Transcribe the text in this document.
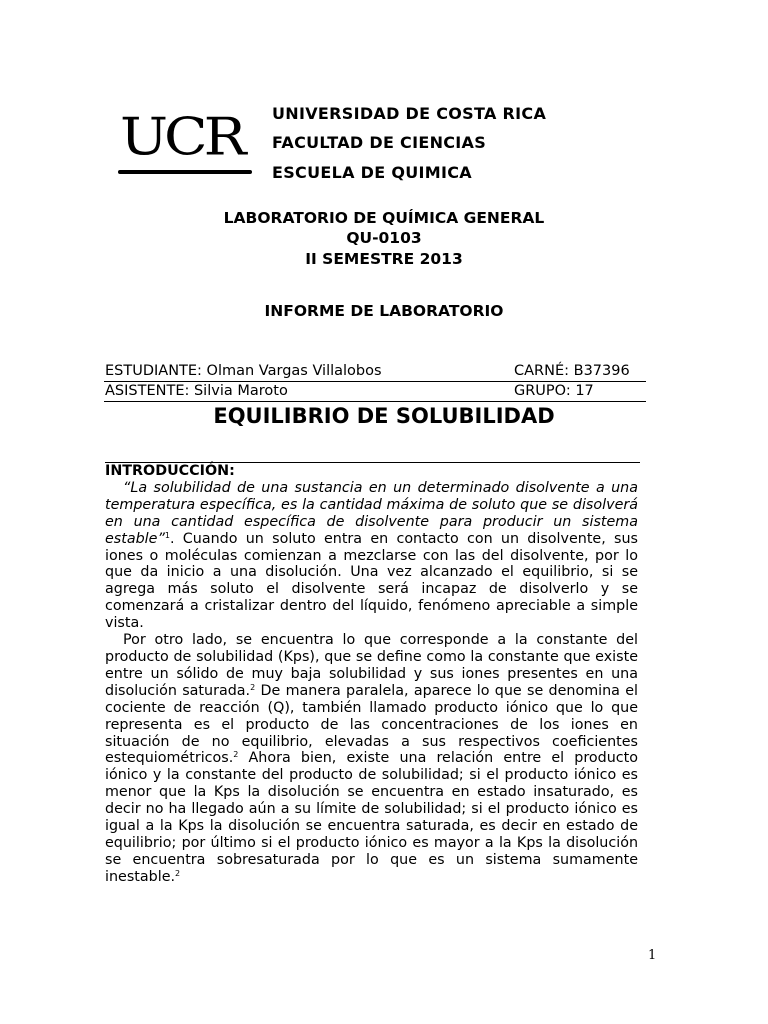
UCR UNIVERSIDAD DE COSTA RICA
FACULTAD DE CIENCIAS
ESCUELA DE QUIMICA
LABORATORIO DE QUÍMICA GENERAL
QU-0103
II SEMESTRE 2013
INFORME DE LABORATORIO
ESTUDIANTE: Olman Vargas Villalobos	CARNÉ: B37396
ASISTENTE: Silvia Maroto	GRUPO: 17
EQUILIBRIO DE SOLUBILIDAD
INTRODUCCIÓN:

“La solubilidad de una sustancia en un determinado disolvente a una temperatura específica, es la cantidad máxima de soluto que se disolverá en una cantidad específica de disolvente para producir un sistema estable”$^1$. Cuando un soluto entra en contacto con un disolvente, sus iones o moléculas comienzan a mezclarse con las del disolvente, por lo que da inicio a una disolución. Una vez alcanzado el equilibrio, si se agrega más soluto el disolvente será incapaz de disolverlo y se comenzará a cristalizar dentro del líquido, fenómeno apreciable a simple vista.

Por otro lado, se encuentra lo que corresponde a la constante del producto de solubilidad (Kps), que se define como la constante que existe entre un sólido de muy baja solubilidad y sus iones presentes en una disolución saturada.$^2$ De manera paralela, aparece lo que se denomina el cociente de reacción (Q), también llamado producto iónico que lo que representa es el producto de las concentraciones de los iones en situación de no equilibrio, elevadas a sus respectivos coeficientes estequiométricos.$^2$ Ahora bien, existe una relación entre el producto iónico y la constante del producto de solubilidad; si el producto iónico es menor que la Kps la disolución se encuentra en estado insaturado, es decir no ha llegado aún a su límite de solubilidad; si el producto iónico es igual a la Kps la disolución se encuentra saturada, es decir en estado de equilibrio; por último si el producto iónico es mayor a la Kps la disolución se encuentra sobresaturada por lo que es un sistema sumamente inestable.$^2$

1
